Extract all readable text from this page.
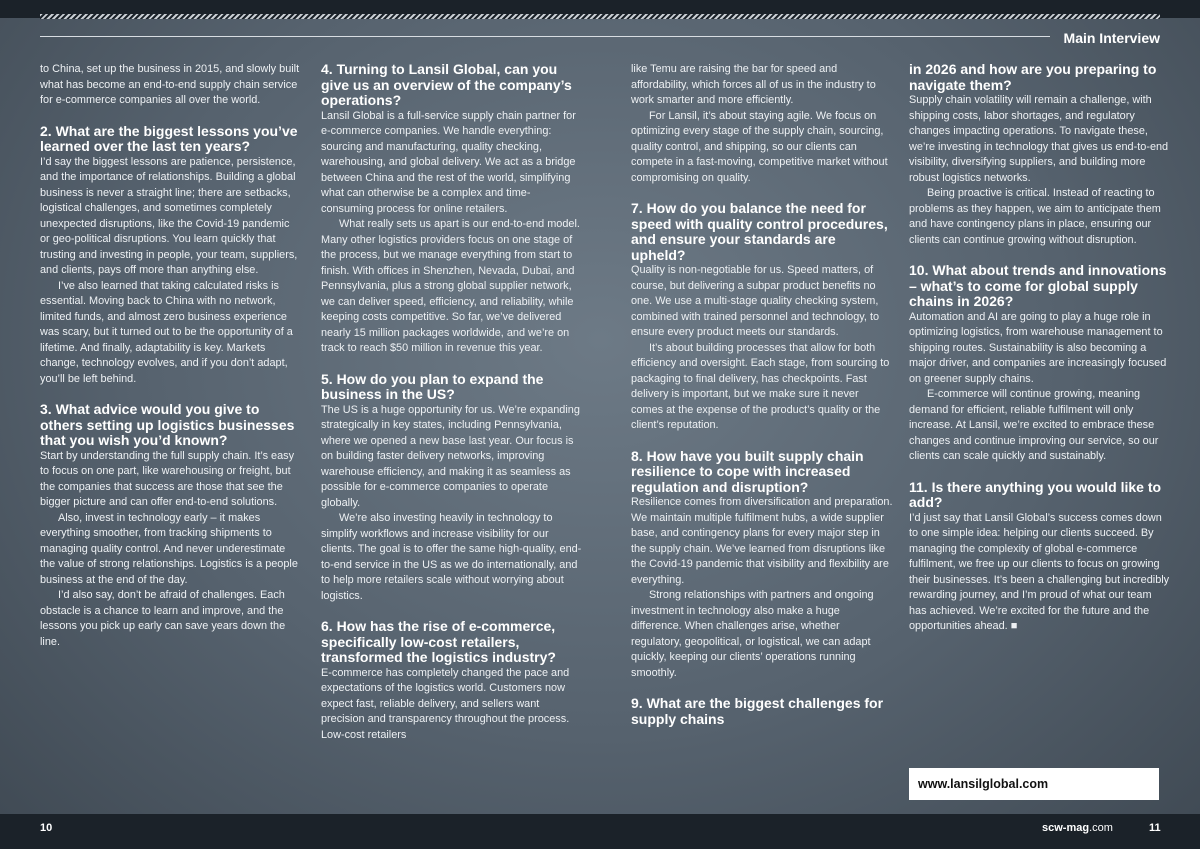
Main Interview

to China, set up the business in 2015, and slowly built what has become an end-to-end supply chain service for e-commerce companies all over the world.

2. What are the biggest lessons you’ve learned over the last ten years?

I’d say the biggest lessons are patience, persistence, and the importance of relationships. Building a global business is never a straight line; there are setbacks, logistical challenges, and sometimes completely unexpected disruptions, like the Covid-19 pandemic or geo-political disruptions. You learn quickly that trusting and investing in people, your team, suppliers, and clients, pays off more than anything else.

I’ve also learned that taking calculated risks is essential. Moving back to China with no network, limited funds, and almost zero business experience was scary, but it turned out to be the opportunity of a lifetime. And finally, adaptability is key. Markets change, technology evolves, and if you don’t adapt, you’ll be left behind.

3. What advice would you give to others setting up logistics businesses that you wish you’d known?

Start by understanding the full supply chain. It’s easy to focus on one part, like warehousing or freight, but the companies that success are those that see the bigger picture and can offer end-to-end solutions.

Also, invest in technology early – it makes everything smoother, from tracking shipments to managing quality control. And never underestimate the value of strong relationships. Logistics is a people business at the end of the day.

I’d also say, don’t be afraid of challenges. Each obstacle is a chance to learn and improve, and the lessons you pick up early can save years down the line.

4. Turning to Lansil Global, can you give us an overview of the company’s operations?

Lansil Global is a full-service supply chain partner for e-commerce companies. We handle everything: sourcing and manufacturing, quality checking, warehousing, and global delivery. We act as a bridge between China and the rest of the world, simplifying what can otherwise be a complex and time-consuming process for online retailers.

What really sets us apart is our end-to-end model. Many other logistics providers focus on one stage of the process, but we manage everything from start to finish. With offices in Shenzhen, Nevada, Dubai, and Pennsylvania, plus a strong global supplier network, we can deliver speed, efficiency, and reliability, while keeping costs competitive. So far, we’ve delivered nearly 15 million packages worldwide, and we’re on track to reach $50 million in revenue this year.

5. How do you plan to expand the business in the US?

The US is a huge opportunity for us. We’re expanding strategically in key states, including Pennsylvania, where we opened a new base last year. Our focus is on building faster delivery networks, improving warehouse efficiency, and making it as seamless as possible for e-commerce companies to operate globally.

We’re also investing heavily in technology to simplify workflows and increase visibility for our clients. The goal is to offer the same high-quality, end-to-end service in the US as we do internationally, and to help more retailers scale without worrying about logistics.

6. How has the rise of e-commerce, specifically low-cost retailers, transformed the logistics industry?

E-commerce has completely changed the pace and expectations of the logistics world. Customers now expect fast, reliable delivery, and sellers want precision and transparency throughout the process. Low-cost retailers

like Temu are raising the bar for speed and affordability, which forces all of us in the industry to work smarter and more efficiently.

For Lansil, it’s about staying agile. We focus on optimizing every stage of the supply chain, sourcing, quality control, and shipping, so our clients can compete in a fast-moving, competitive market without compromising on quality.

7. How do you balance the need for speed with quality control procedures, and ensure your standards are upheld?

Quality is non-negotiable for us. Speed matters, of course, but delivering a subpar product benefits no one. We use a multi-stage quality checking system, combined with trained personnel and technology, to ensure every product meets our standards.

It’s about building processes that allow for both efficiency and oversight. Each stage, from sourcing to packaging to final delivery, has checkpoints. Fast delivery is important, but we make sure it never comes at the expense of the product’s quality or the client’s reputation.

8. How have you built supply chain resilience to cope with increased regulation and disruption?

Resilience comes from diversification and preparation. We maintain multiple fulfilment hubs, a wide supplier base, and contingency plans for every major step in the supply chain. We’ve learned from disruptions like the Covid-19 pandemic that visibility and flexibility are everything.

Strong relationships with partners and ongoing investment in technology also make a huge difference. When challenges arise, whether regulatory, geopolitical, or logistical, we can adapt quickly, keeping our clients’ operations running smoothly.

9. What are the biggest challenges for supply chains
in 2026 and how are you preparing to navigate them?

Supply chain volatility will remain a challenge, with shipping costs, labor shortages, and regulatory changes impacting operations. To navigate these, we’re investing in technology that gives us end-to-end visibility, diversifying suppliers, and building more robust logistics networks.

Being proactive is critical. Instead of reacting to problems as they happen, we aim to anticipate them and have contingency plans in place, ensuring our clients can continue growing without disruption.

10. What about trends and innovations – what’s to come for global supply chains in 2026?

Automation and AI are going to play a huge role in optimizing logistics, from warehouse management to shipping routes. Sustainability is also becoming a major driver, and companies are increasingly focused on greener supply chains.

E-commerce will continue growing, meaning demand for efficient, reliable fulfilment will only increase. At Lansil, we’re excited to embrace these changes and continue improving our service, so our clients can scale quickly and sustainably.

11. Is there anything you would like to add?

I’d just say that Lansil Global’s success comes down to one simple idea: helping our clients succeed. By managing the complexity of global e-commerce fulfilment, we free up our clients to focus on growing their businesses. It’s been a challenging but incredibly rewarding journey, and I’m proud of what our team has achieved. We’re excited for the future and the opportunities ahead. ■

www.lansilglobal.com
10	scw-mag.com	11
